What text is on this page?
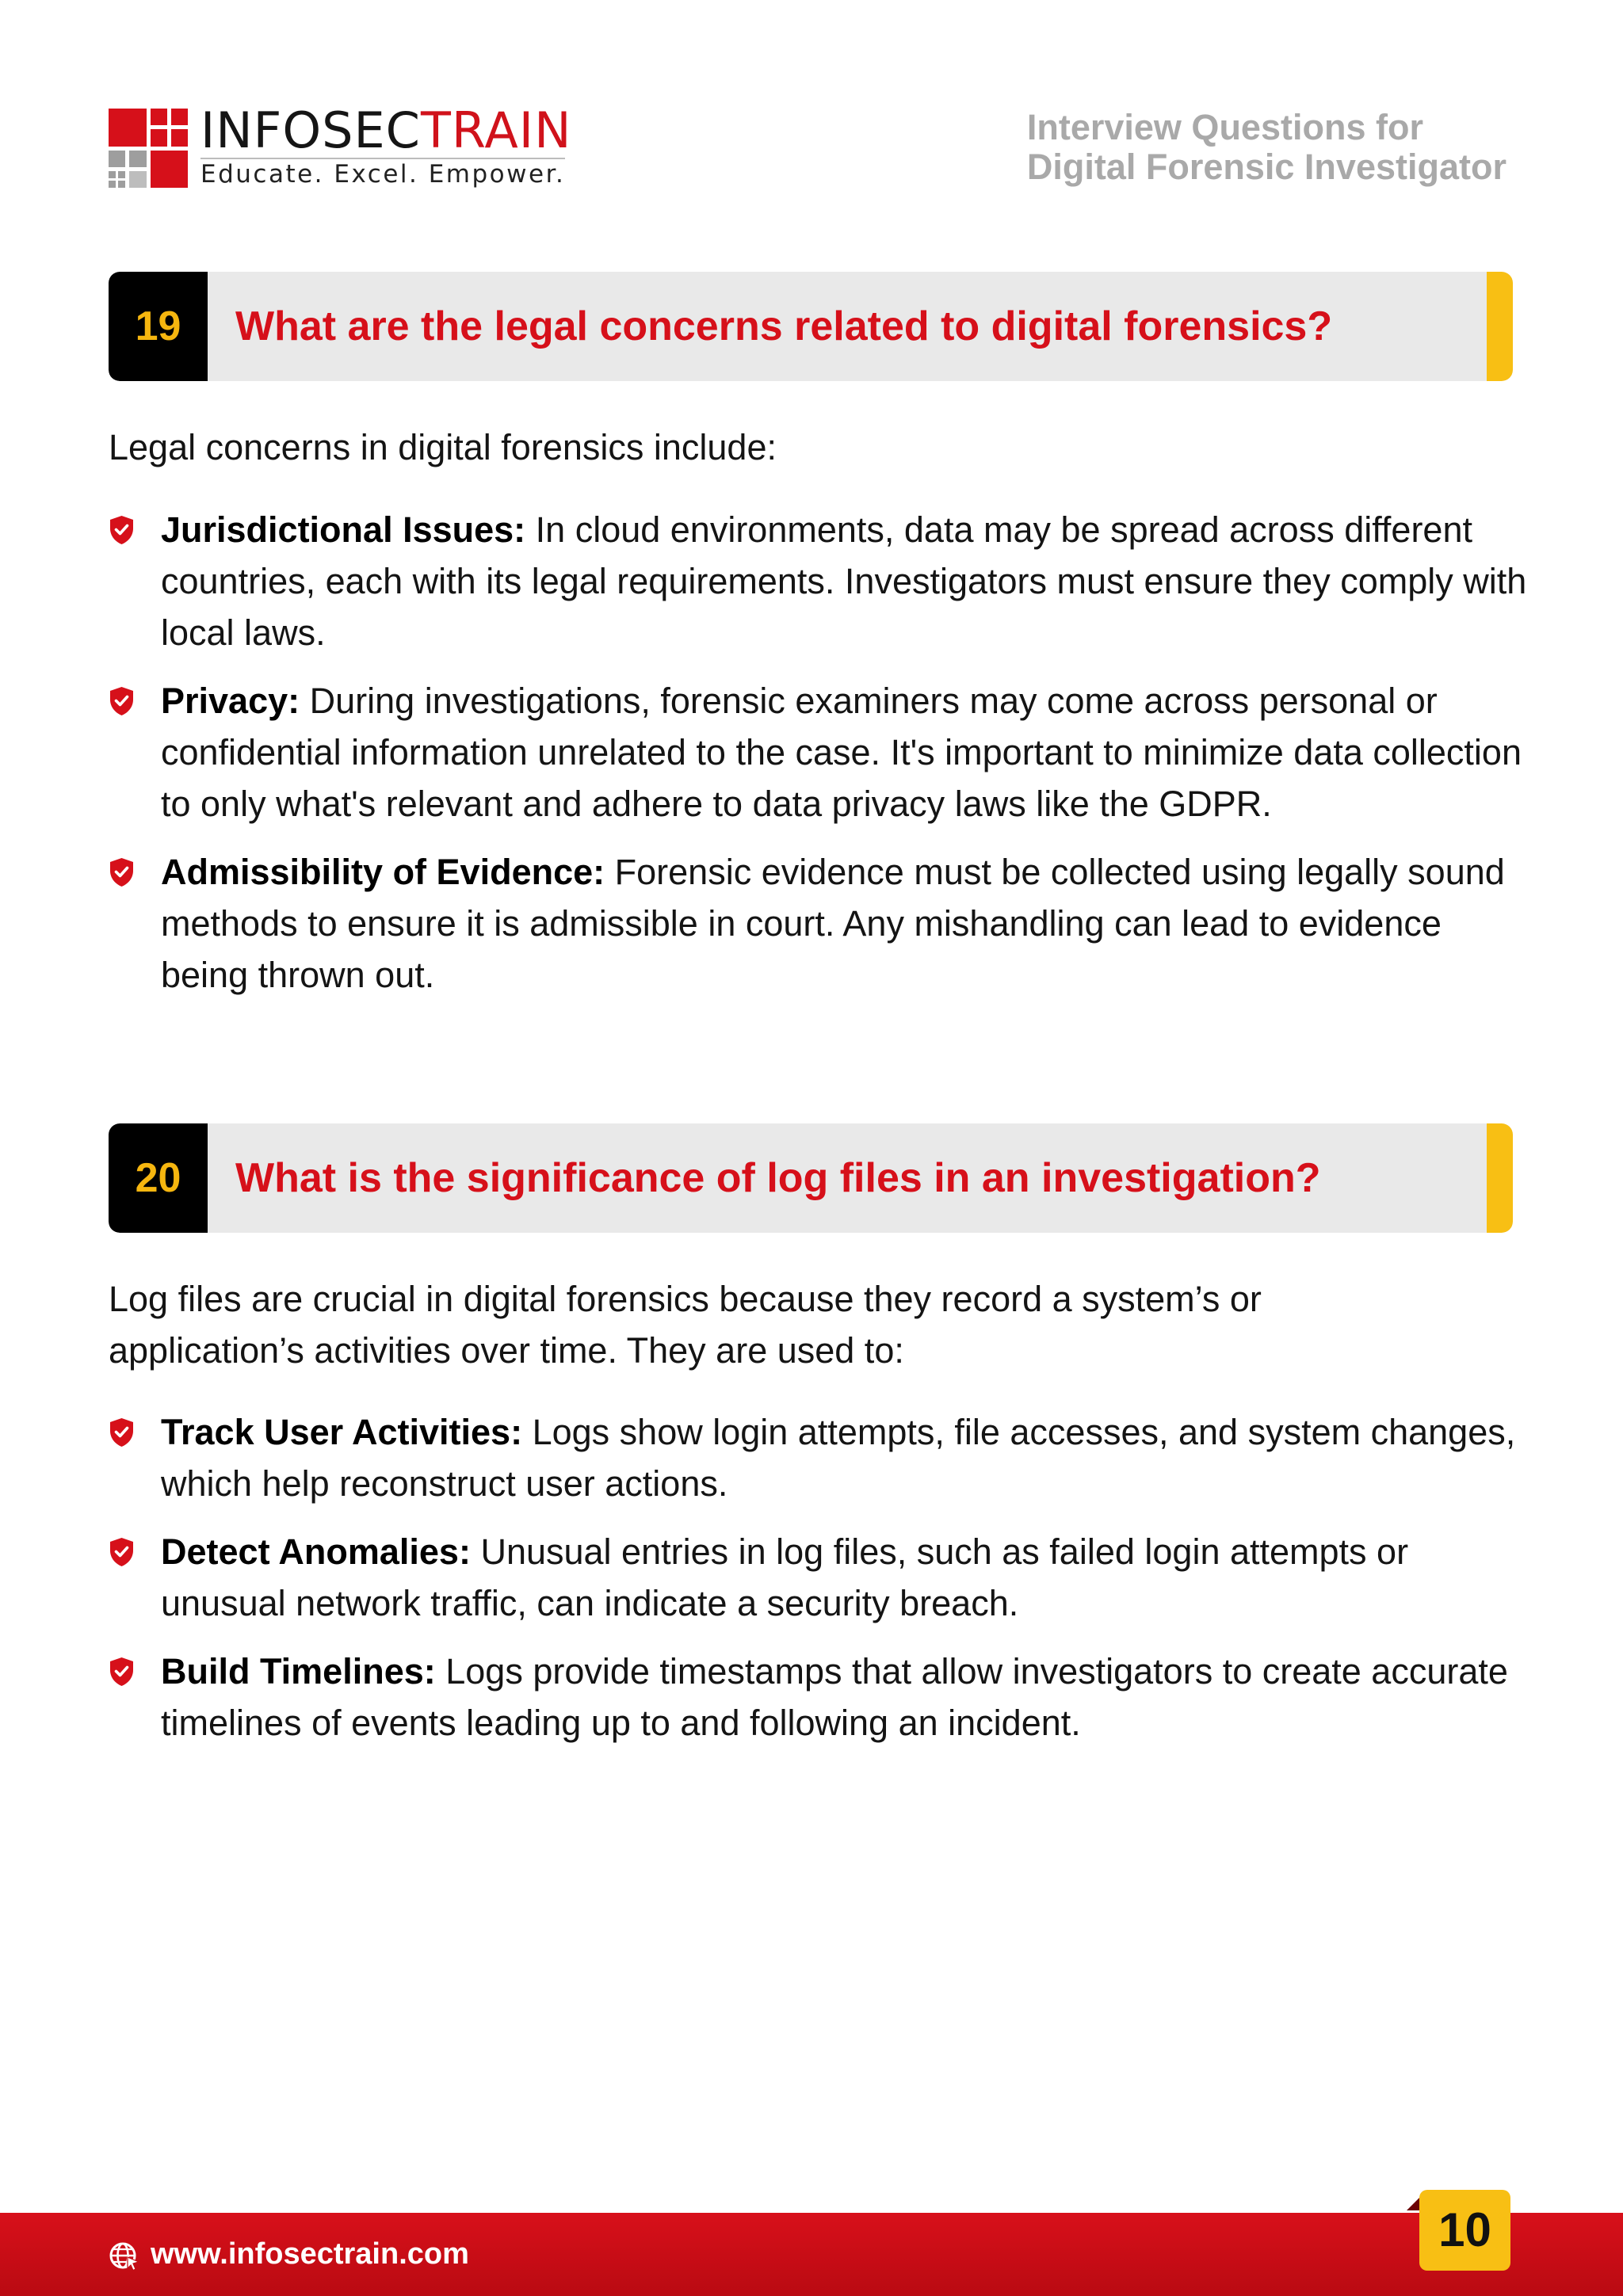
INFOSECTRAIN
Educate. Excel. Empower.
Interview Questions for
Digital Forensic Investigator
19	What are the legal concerns related to digital forensics?
Legal concerns in digital forensics include:
Jurisdictional Issues: In cloud environments, data may be spread across different countries, each with its legal requirements. Investigators must ensure they comply with local laws.
Privacy: During investigations, forensic examiners may come across personal or confidential information unrelated to the case. It's important to minimize data collection to only what's relevant and adhere to data privacy laws like the GDPR.
Admissibility of Evidence: Forensic evidence must be collected using legally sound methods to ensure it is admissible in court. Any mishandling can lead to evidence being thrown out.
20	What is the significance of log files in an investigation?
Log files are crucial in digital forensics because they record a system’s or application’s activities over time. They are used to:
Track User Activities: Logs show login attempts, file accesses, and system changes, which help reconstruct user actions.
Detect Anomalies: Unusual entries in log files, such as failed login attempts or unusual network traffic, can indicate a security breach.
Build Timelines: Logs provide timestamps that allow investigators to create accurate timelines of events leading up to and following an incident.
www.infosectrain.com	10
